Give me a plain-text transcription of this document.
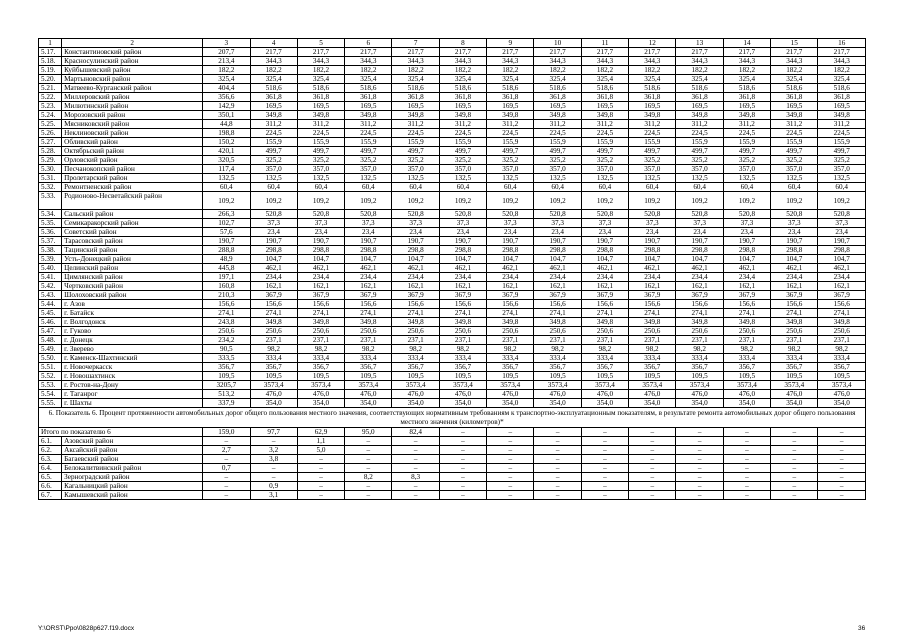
1	2	3	4	5	6	7	8	9	10	11	12	13	14	15	16
5.17.	Константиновский район	207,7	217,7	217,7	217,7	217,7	217,7	217,7	217,7	217,7	217,7	217,7	217,7	217,7	217,7
5.18.	Красносулинский район	213,4	344,3	344,3	344,3	344,3	344,3	344,3	344,3	344,3	344,3	344,3	344,3	344,3	344,3
5.19.	Куйбышевский район	182,2	182,2	182,2	182,2	182,2	182,2	182,2	182,2	182,2	182,2	182,2	182,2	182,2	182,2
5.20.	Мартыновский район	325,4	325,4	325,4	325,4	325,4	325,4	325,4	325,4	325,4	325,4	325,4	325,4	325,4	325,4
5.21.	Матвеево-Курганский район	404,4	518,6	518,6	518,6	518,6	518,6	518,6	518,6	518,6	518,6	518,6	518,6	518,6	518,6
5.22.	Миллеровский район	356,6	361,8	361,8	361,8	361,8	361,8	361,8	361,8	361,8	361,8	361,8	361,8	361,8	361,8
5.23.	Милютинский район	142,9	169,5	169,5	169,5	169,5	169,5	169,5	169,5	169,5	169,5	169,5	169,5	169,5	169,5
5.24.	Морозовский район	350,1	349,8	349,8	349,8	349,8	349,8	349,8	349,8	349,8	349,8	349,8	349,8	349,8	349,8
5.25.	Мясниковский район	44,8	311,2	311,2	311,2	311,2	311,2	311,2	311,2	311,2	311,2	311,2	311,2	311,2	311,2
5.26.	Неклиновский район	198,8	224,5	224,5	224,5	224,5	224,5	224,5	224,5	224,5	224,5	224,5	224,5	224,5	224,5
5.27.	Обливский район	150,2	155,9	155,9	155,9	155,9	155,9	155,9	155,9	155,9	155,9	155,9	155,9	155,9	155,9
5.28.	Октябрьский район	420,1	499,7	499,7	499,7	499,7	499,7	499,7	499,7	499,7	499,7	499,7	499,7	499,7	499,7
5.29.	Орловский район	320,5	325,2	325,2	325,2	325,2	325,2	325,2	325,2	325,2	325,2	325,2	325,2	325,2	325,2
5.30.	Песчанокопский район	117,4	357,0	357,0	357,0	357,0	357,0	357,0	357,0	357,0	357,0	357,0	357,0	357,0	357,0
5.31.	Пролетарский район	132,5	132,5	132,5	132,5	132,5	132,5	132,5	132,5	132,5	132,5	132,5	132,5	132,5	132,5
5.32.	Ремонтненский район	60,4	60,4	60,4	60,4	60,4	60,4	60,4	60,4	60,4	60,4	60,4	60,4	60,4	60,4
5.33.	Родионово-Несветайский район	109,2	109,2	109,2	109,2	109,2	109,2	109,2	109,2	109,2	109,2	109,2	109,2	109,2	109,2
5.34.	Сальский район	266,3	520,8	520,8	520,8	520,8	520,8	520,8	520,8	520,8	520,8	520,8	520,8	520,8	520,8
5.35.	Семикаракорский район	102,7	37,3	37,3	37,3	37,3	37,3	37,3	37,3	37,3	37,3	37,3	37,3	37,3	37,3
5.36.	Советский район	57,6	23,4	23,4	23,4	23,4	23,4	23,4	23,4	23,4	23,4	23,4	23,4	23,4	23,4
5.37.	Тарасовский район	190,7	190,7	190,7	190,7	190,7	190,7	190,7	190,7	190,7	190,7	190,7	190,7	190,7	190,7
5.38.	Тацинский район	288,8	298,8	298,8	298,8	298,8	298,8	298,8	298,8	298,8	298,8	298,8	298,8	298,8	298,8
5.39.	Усть-Донецкий район	48,9	104,7	104,7	104,7	104,7	104,7	104,7	104,7	104,7	104,7	104,7	104,7	104,7	104,7
5.40.	Целинский район	445,8	462,1	462,1	462,1	462,1	462,1	462,1	462,1	462,1	462,1	462,1	462,1	462,1	462,1
5.41.	Цимлянский район	197,1	234,4	234,4	234,4	234,4	234,4	234,4	234,4	234,4	234,4	234,4	234,4	234,4	234,4
5.42.	Чертковский район	160,8	162,1	162,1	162,1	162,1	162,1	162,1	162,1	162,1	162,1	162,1	162,1	162,1	162,1
5.43.	Шолоховский район	210,3	367,9	367,9	367,9	367,9	367,9	367,9	367,9	367,9	367,9	367,9	367,9	367,9	367,9
5.44.	г. Азов	156,6	156,6	156,6	156,6	156,6	156,6	156,6	156,6	156,6	156,6	156,6	156,6	156,6	156,6
5.45.	г. Батайск	274,1	274,1	274,1	274,1	274,1	274,1	274,1	274,1	274,1	274,1	274,1	274,1	274,1	274,1
5.46.	г. Волгодонск	243,8	349,8	349,8	349,8	349,8	349,8	349,8	349,8	349,8	349,8	349,8	349,8	349,8	349,8
5.47.	г. Гуково	250,6	250,6	250,6	250,6	250,6	250,6	250,6	250,6	250,6	250,6	250,6	250,6	250,6	250,6
5.48.	г. Донецк	234,2	237,1	237,1	237,1	237,1	237,1	237,1	237,1	237,1	237,1	237,1	237,1	237,1	237,1
5.49.	г. Зверево	90,5	98,2	98,2	98,2	98,2	98,2	98,2	98,2	98,2	98,2	98,2	98,2	98,2	98,2
5.50.	г. Каменск-Шахтинский	333,5	333,4	333,4	333,4	333,4	333,4	333,4	333,4	333,4	333,4	333,4	333,4	333,4	333,4
5.51.	г. Новочеркасск	356,7	356,7	356,7	356,7	356,7	356,7	356,7	356,7	356,7	356,7	356,7	356,7	356,7	356,7
5.52.	г. Новошахтинск	109,5	109,5	109,5	109,5	109,5	109,5	109,5	109,5	109,5	109,5	109,5	109,5	109,5	109,5
5.53.	г. Ростов-на-Дону	3205,7	3573,4	3573,4	3573,4	3573,4	3573,4	3573,4	3573,4	3573,4	3573,4	3573,4	3573,4	3573,4	3573,4
5.54.	г. Таганрог	513,2	476,0	476,0	476,0	476,0	476,0	476,0	476,0	476,0	476,0	476,0	476,0	476,0	476,0
5.55.	г. Шахты	337,9	354,0	354,0	354,0	354,0	354,0	354,0	354,0	354,0	354,0	354,0	354,0	354,0	354,0
6. Показатель 6. Процент протяженности автомобильных дорог общего пользования местного значения, соответствующих нормативным требованиям к транспортно-эксплуатационным показателям, в результате ремонта автомобильных дорог общего пользования местного значения (километров)*															
Итого по показателю 6		159,0	97,7	62,9	95,0	82,4	–	–	–	–	–	–	–	–	–
6.1.	Азовский район	–	–	1,1	–	–	–	–	–	–	–	–	–	–	–
6.2.	Аксайский район	2,7	3,2	5,0	–	–	–	–	–	–	–	–	–	–	–
6.3.	Багаевский район	–	3,8	–	–	–	–	–	–	–	–	–	–	–	–
6.4.	Белокалитвинский район	0,7	–	–	–	–	–	–	–	–	–	–	–	–	–
6.5.	Зерноградский район	–	–	–	8,2	8,3	–	–	–	–	–	–	–	–	–
6.6.	Кагальницкий район	–	0,9	–	–	–	–	–	–	–	–	–	–	–	–
6.7.	Камышевский район	–	3,1	–	–	–	–	–	–	–	–	–	–	–	–
Y:\ORST\Ppo\0828p627.f19.docx	36
